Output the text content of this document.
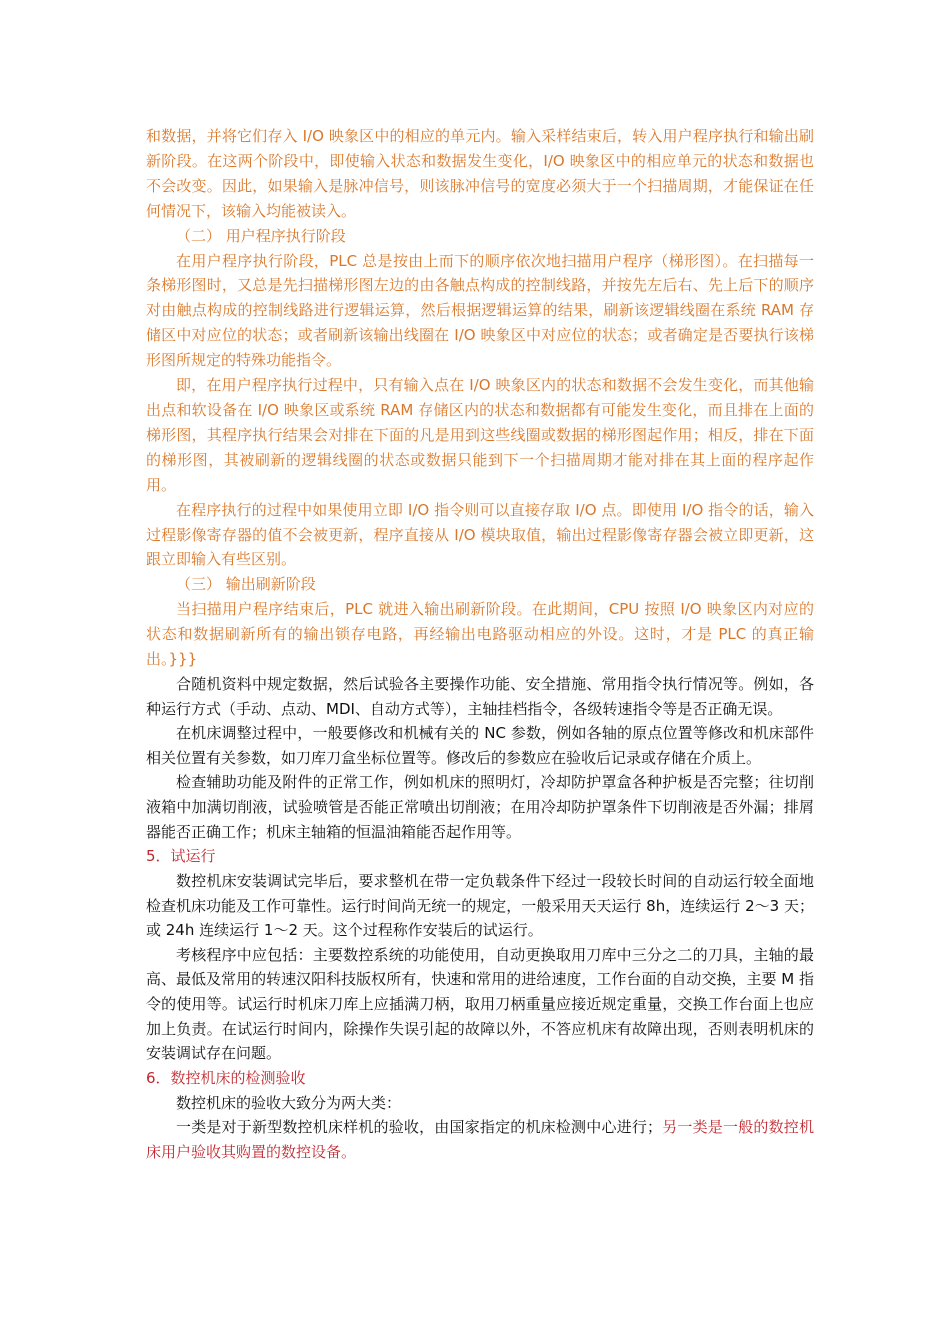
和数据，并将它们存入 I/O 映象区中的相应的单元内。输入采样结束后，转入用户程序执行和输出刷新阶段。在这两个阶段中，即使输入状态和数据发生变化，I/O 映象区中的相应单元的状态和数据也不会改变。因此，如果输入是脉冲信号，则该脉冲信号的宽度必须大于一个扫描周期，才能保证在任何情况下，该输入均能被读入。

（二） 用户程序执行阶段

在用户程序执行阶段，PLC 总是按由上而下的顺序依次地扫描用户程序（梯形图）。在扫描每一条梯形图时，又总是先扫描梯形图左边的由各触点构成的控制线路，并按先左后右、先上后下的顺序对由触点构成的控制线路进行逻辑运算，然后根据逻辑运算的结果，刷新该逻辑线圈在系统 RAM 存储区中对应位的状态；或者刷新该输出线圈在 I/O 映象区中对应位的状态；或者确定是否要执行该梯形图所规定的特殊功能指令。

即，在用户程序执行过程中，只有输入点在 I/O 映象区内的状态和数据不会发生变化，而其他输出点和软设备在 I/O 映象区或系统 RAM 存储区内的状态和数据都有可能发生变化，而且排在上面的梯形图，其程序执行结果会对排在下面的凡是用到这些线圈或数据的梯形图起作用；相反，排在下面的梯形图，其被刷新的逻辑线圈的状态或数据只能到下一个扫描周期才能对排在其上面的程序起作用。

在程序执行的过程中如果使用立即 I/O 指令则可以直接存取 I/O 点。即使用 I/O 指令的话，输入过程影像寄存器的值不会被更新，程序直接从 I/O 模块取值，输出过程影像寄存器会被立即更新，这跟立即输入有些区别。

（三） 输出刷新阶段

当扫描用户程序结束后，PLC 就进入输出刷新阶段。在此期间，CPU 按照 I/O 映象区内对应的状态和数据刷新所有的输出锁存电路，再经输出电路驱动相应的外设。这时，才是 PLC 的真正输出。}}}

合随机资料中规定数据，然后试验各主要操作功能、安全措施、常用指令执行情况等。例如，各种运行方式（手动、点动、MDI、自动方式等），主轴挂档指令，各级转速指令等是否正确无误。

在机床调整过程中，一般要修改和机械有关的 NC 参数，例如各轴的原点位置等修改和机床部件相关位置有关参数，如刀库刀盒坐标位置等。修改后的参数应在验收后记录或存储在介质上。

检查辅助功能及附件的正常工作，例如机床的照明灯，冷却防护罩盒各种护板是否完整；往切削液箱中加满切削液，试验喷管是否能正常喷出切削液；在用冷却防护罩条件下切削液是否外漏；排屑器能否正确工作；机床主轴箱的恒温油箱能否起作用等。

5．试运行

数控机床安装调试完毕后，要求整机在带一定负载条件下经过一段较长时间的自动运行较全面地检查机床功能及工作可靠性。运行时间尚无统一的规定，一般采用天天运行 8h，连续运行 2～3 天；或 24h 连续运行 1～2 天。这个过程称作安装后的试运行。

考核程序中应包括：主要数控系统的功能使用，自动更换取用刀库中三分之二的刀具，主轴的最高、最低及常用的转速汉阳科技版权所有，快速和常用的进给速度，工作台面的自动交换，主要 M 指令的使用等。试运行时机床刀库上应插满刀柄，取用刀柄重量应接近规定重量，交换工作台面上也应加上负责。在试运行时间内，除操作失误引起的故障以外，不答应机床有故障出现，否则表明机床的安装调试存在问题。

6．数控机床的检测验收

数控机床的验收大致分为两大类：

一类是对于新型数控机床样机的验收，由国家指定的机床检测中心进行；另一类是一般的数控机床用户验收其购置的数控设备。
